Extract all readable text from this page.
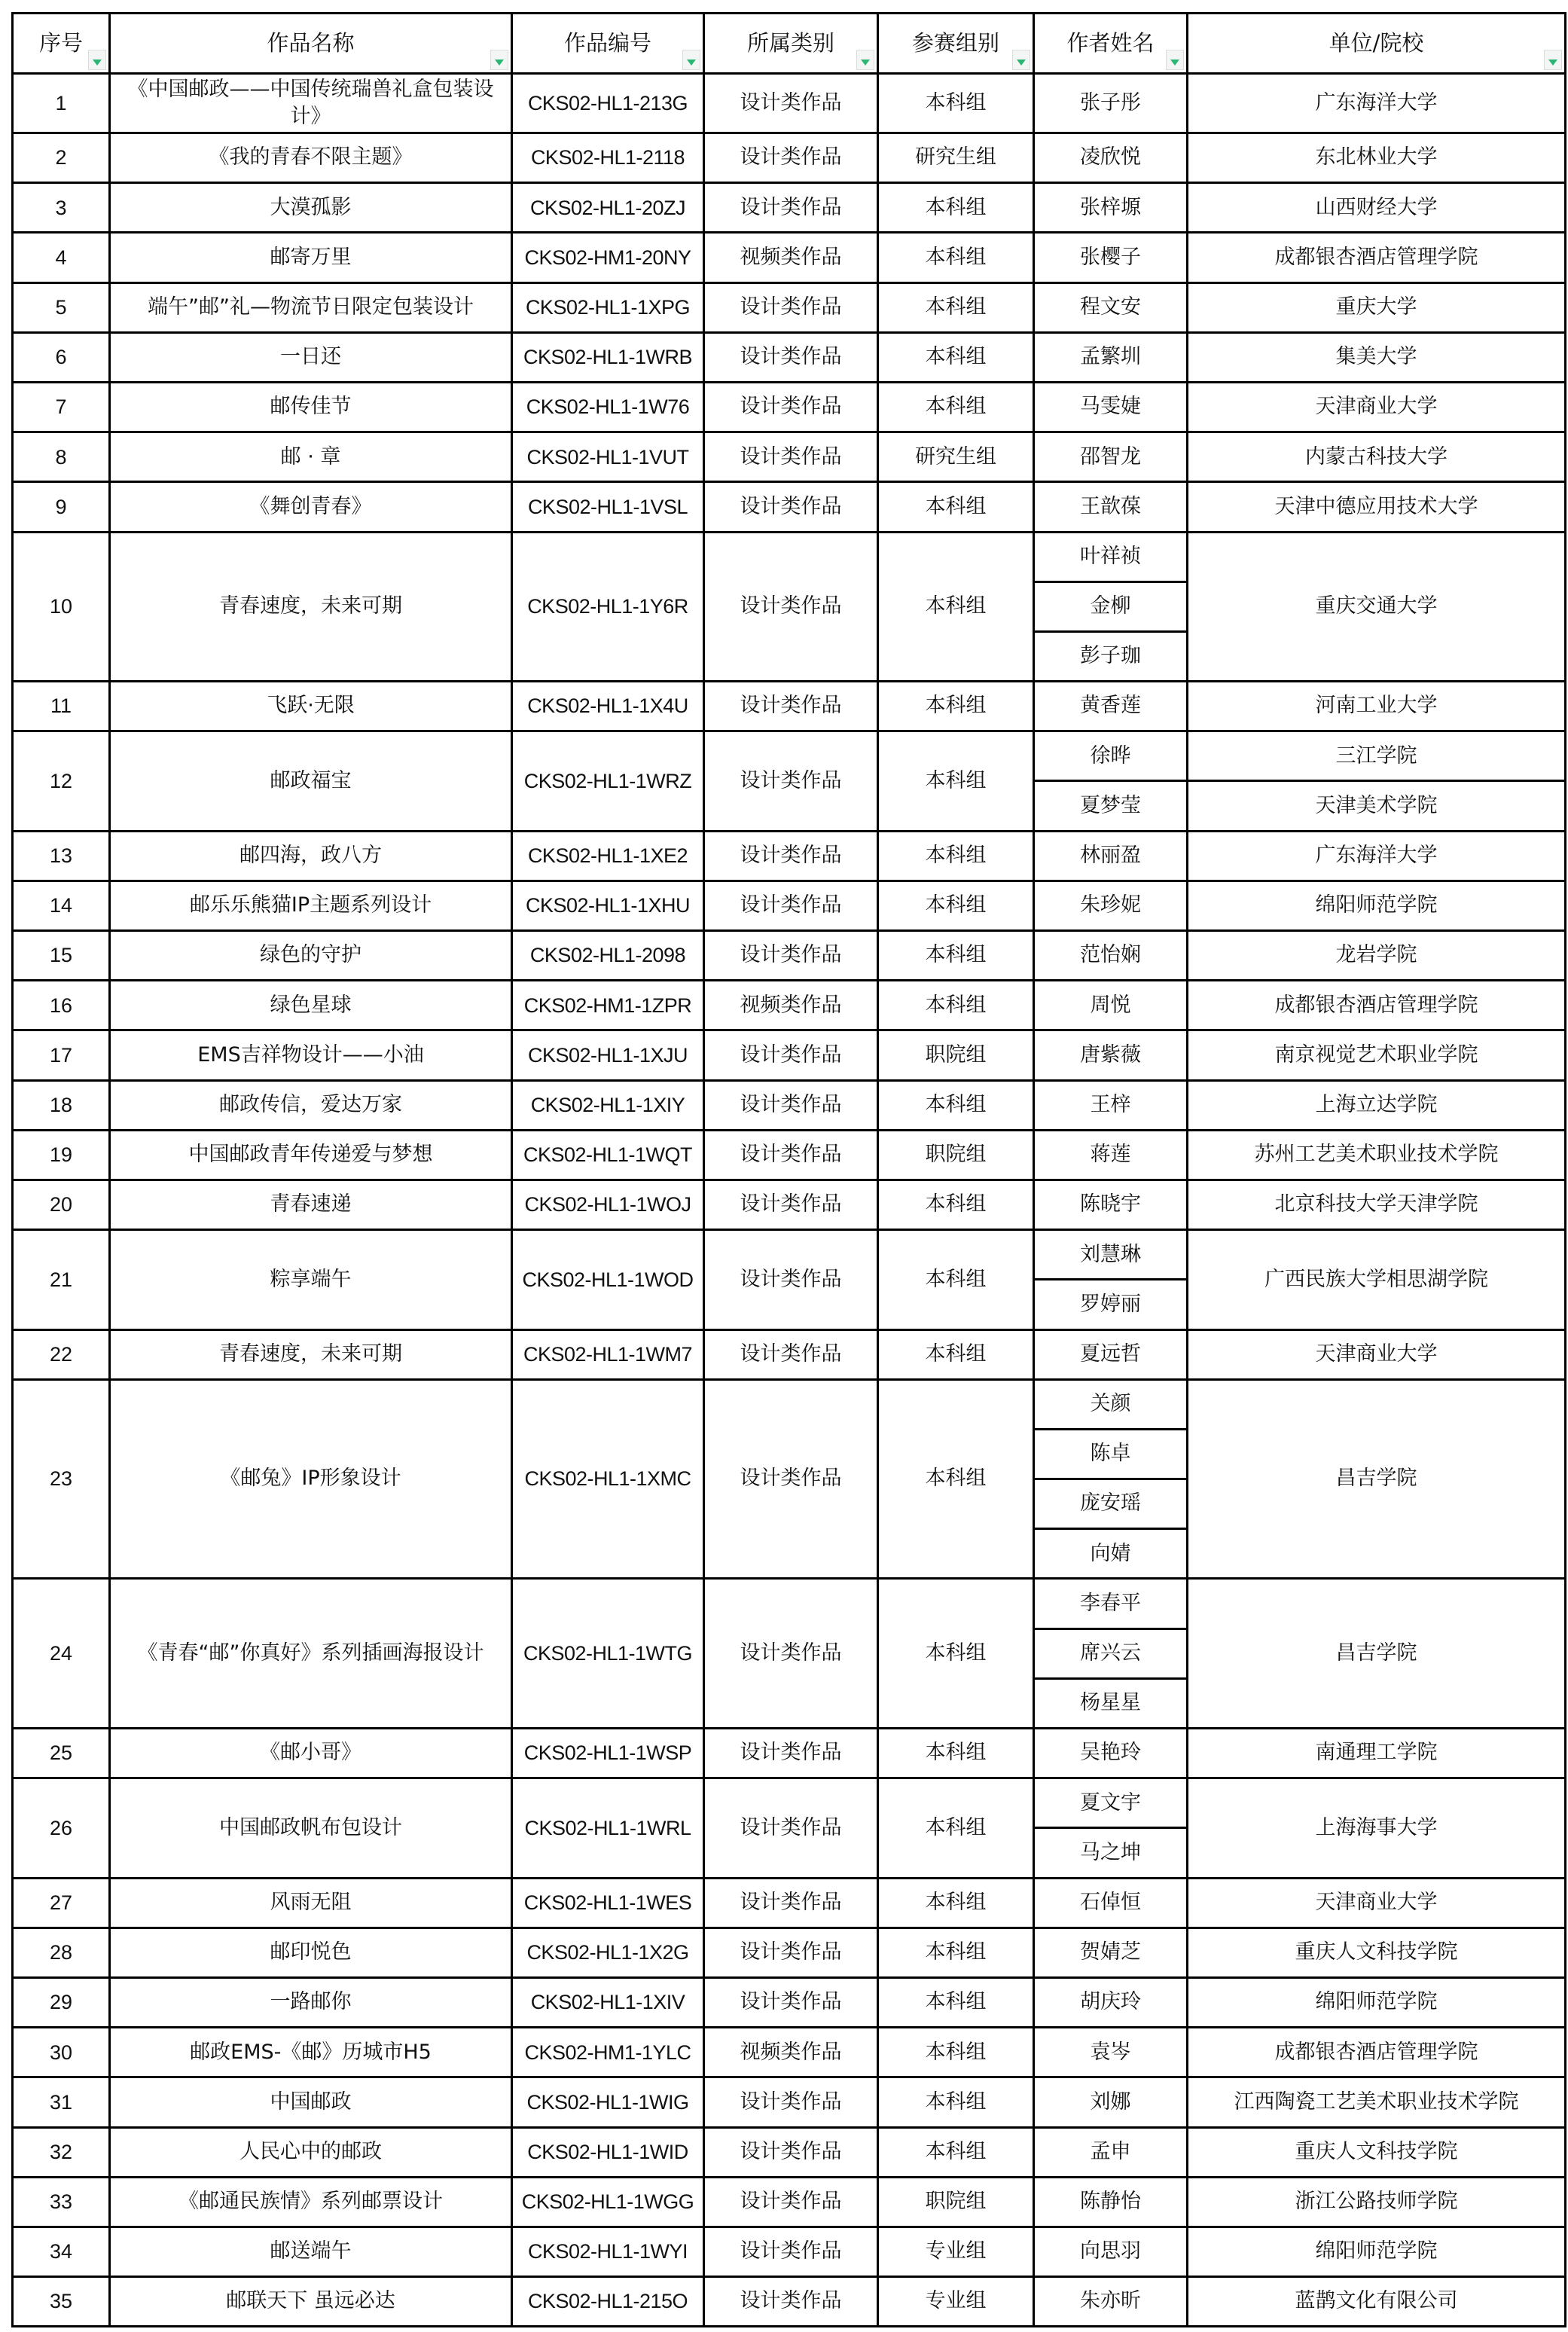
序号	作品名称	作品编号	所属类别	参赛组别	作者姓名	单位/院校

1	《中国邮政——中国传统瑞兽礼盒包装设计》	CKS02-HL1-213G	设计类作品	本科组	张子彤	广东海洋大学
2	《我的青春不限主题》	CKS02-HL1-2118	设计类作品	研究生组	凌欣悦	东北林业大学
3	大漠孤影	CKS02-HL1-20ZJ	设计类作品	本科组	张梓塬	山西财经大学
4	邮寄万里	CKS02-HM1-20NY	视频类作品	本科组	张樱子	成都银杏酒店管理学院
5	端午”邮”礼—物流节日限定包装设计	CKS02-HL1-1XPG	设计类作品	本科组	程文安	重庆大学
6	一日还	CKS02-HL1-1WRB	设计类作品	本科组	孟繁圳	集美大学
7	邮传佳节	CKS02-HL1-1W76	设计类作品	本科组	马雯婕	天津商业大学
8	邮 · 章	CKS02-HL1-1VUT	设计类作品	研究生组	邵智龙	内蒙古科技大学
9	《舞创青春》	CKS02-HL1-1VSL	设计类作品	本科组	王歆葆	天津中德应用技术大学
10	青春速度，未来可期	CKS02-HL1-1Y6R	设计类作品	本科组	叶祥祯	重庆交通大学
					金柳	
					彭子珈	
11	飞跃·无限	CKS02-HL1-1X4U	设计类作品	本科组	黄香莲	河南工业大学
12	邮政福宝	CKS02-HL1-1WRZ	设计类作品	本科组	徐晔	三江学院
					夏梦莹	天津美术学院
13	邮四海，政八方	CKS02-HL1-1XE2	设计类作品	本科组	林丽盈	广东海洋大学
14	邮乐乐熊猫IP主题系列设计	CKS02-HL1-1XHU	设计类作品	本科组	朱珍妮	绵阳师范学院
15	绿色的守护	CKS02-HL1-2098	设计类作品	本科组	范怡娴	龙岩学院
16	绿色星球	CKS02-HM1-1ZPR	视频类作品	本科组	周悦	成都银杏酒店管理学院
17	EMS吉祥物设计——小油	CKS02-HL1-1XJU	设计类作品	职院组	唐紫薇	南京视觉艺术职业学院
18	邮政传信，爱达万家	CKS02-HL1-1XIY	设计类作品	本科组	王梓	上海立达学院
19	中国邮政青年传递爱与梦想	CKS02-HL1-1WQT	设计类作品	职院组	蒋莲	苏州工艺美术职业技术学院
20	青春速递	CKS02-HL1-1WOJ	设计类作品	本科组	陈晓宇	北京科技大学天津学院
21	粽享端午	CKS02-HL1-1WOD	设计类作品	本科组	刘慧琳	广西民族大学相思湖学院
					罗婷丽	
22	青春速度，未来可期	CKS02-HL1-1WM7	设计类作品	本科组	夏远哲	天津商业大学
23	《邮兔》IP形象设计	CKS02-HL1-1XMC	设计类作品	本科组	关颜	昌吉学院
					陈卓	
					庞安瑶	
					向婧	
24	《青春“邮”你真好》系列插画海报设计	CKS02-HL1-1WTG	设计类作品	本科组	李春平	昌吉学院
					席兴云	
					杨星星	
25	《邮小哥》	CKS02-HL1-1WSP	设计类作品	本科组	吴艳玲	南通理工学院
26	中国邮政帆布包设计	CKS02-HL1-1WRL	设计类作品	本科组	夏文宇	上海海事大学
					马之坤	
27	风雨无阻	CKS02-HL1-1WES	设计类作品	本科组	石倬恒	天津商业大学
28	邮印悦色	CKS02-HL1-1X2G	设计类作品	本科组	贺婧芝	重庆人文科技学院
29	一路邮你	CKS02-HL1-1XIV	设计类作品	本科组	胡庆玲	绵阳师范学院
30	邮政EMS-《邮》历城市H5	CKS02-HM1-1YLC	视频类作品	本科组	袁岑	成都银杏酒店管理学院
31	中国邮政	CKS02-HL1-1WIG	设计类作品	本科组	刘娜	江西陶瓷工艺美术职业技术学院
32	人民心中的邮政	CKS02-HL1-1WID	设计类作品	本科组	孟申	重庆人文科技学院
33	《邮通民族情》系列邮票设计	CKS02-HL1-1WGG	设计类作品	职院组	陈静怡	浙江公路技师学院
34	邮送端午	CKS02-HL1-1WYI	设计类作品	专业组	向思羽	绵阳师范学院
35	邮联天下 虽远必达	CKS02-HL1-215O	设计类作品	专业组	朱亦昕	蓝鹊文化有限公司
